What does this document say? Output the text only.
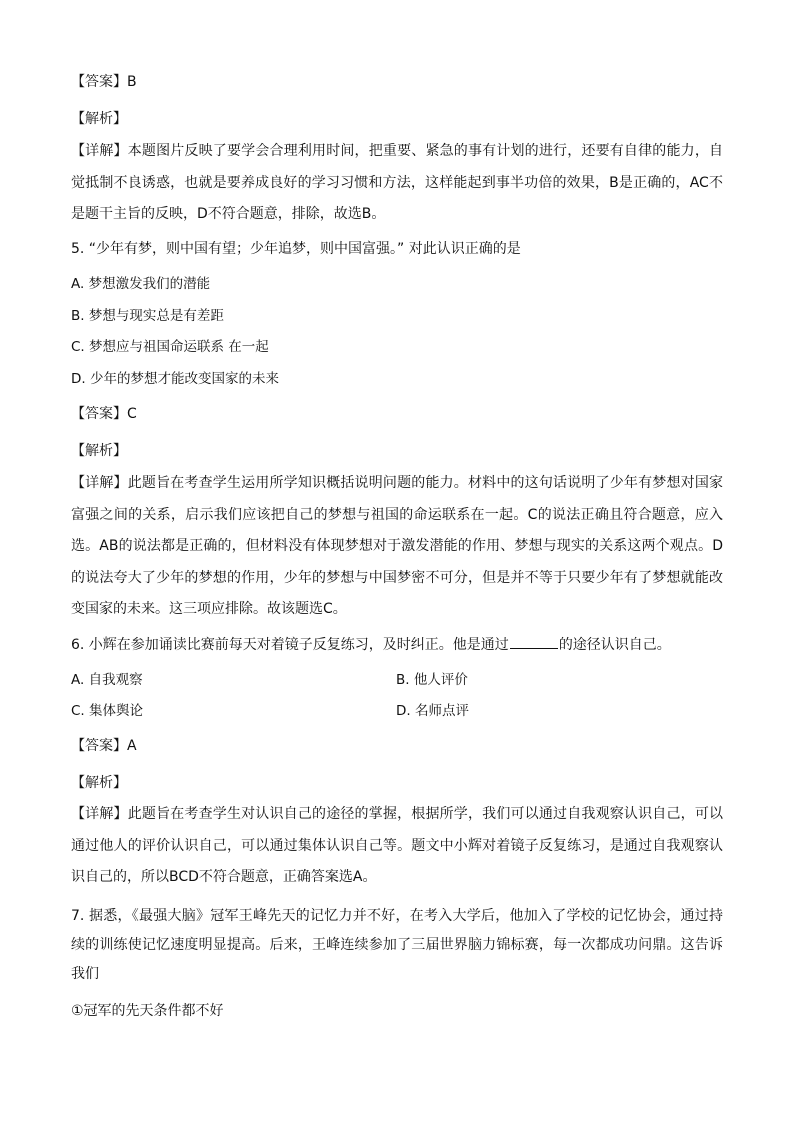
【答案】B
【解析】
【详解】本题图片反映了要学会合理利用时间，把重要、紧急的事有计划的进行，还要有自律的能力，自觉抵制不良诱惑，也就是要养成良好的学习习惯和方法，这样能起到事半功倍的效果，B是正确的，AC不是题干主旨的反映，D不符合题意，排除，故选B。
5. “少年有梦，则中国有望；少年追梦，则中国富强。” 对此认识正确的是
A. 梦想激发我们的潜能
B. 梦想与现实总是有差距
C. 梦想应与祖国命运联系 在一起
D. 少年的梦想才能改变国家的未来
【答案】C
【解析】
【详解】此题旨在考查学生运用所学知识概括说明问题的能力。材料中的这句话说明了少年有梦想对国家富强之间的关系，启示我们应该把自己的梦想与祖国的命运联系在一起。C的说法正确且符合题意，应入选。AB的说法都是正确的，但材料没有体现梦想对于激发潜能的作用、梦想与现实的关系这两个观点。D的说法夸大了少年的梦想的作用，少年的梦想与中国梦密不可分，但是并不等于只要少年有了梦想就能改变国家的未来。这三项应排除。故该题选C。
6. 小辉在参加诵读比赛前每天对着镜子反复练习，及时纠正。他是通过	的途径认识自己。
A. 自我观察	B. 他人评价
C. 集体舆论	D. 名师点评
【答案】A
【解析】
【详解】此题旨在考查学生对认识自己的途径的掌握，根据所学，我们可以通过自我观察认识自己，可以通过他人的评价认识自己，可以通过集体认识自己等。题文中小辉对着镜子反复练习，是通过自我观察认识自己的，所以BCD不符合题意，正确答案选A。
7. 据悉，《最强大脑》冠军王峰先天的记忆力并不好，在考入大学后，他加入了学校的记忆协会，通过持续的训练使记忆速度明显提高。后来，王峰连续参加了三届世界脑力锦标赛，每一次都成功问鼎。这告诉我们
①冠军的先天条件都不好
